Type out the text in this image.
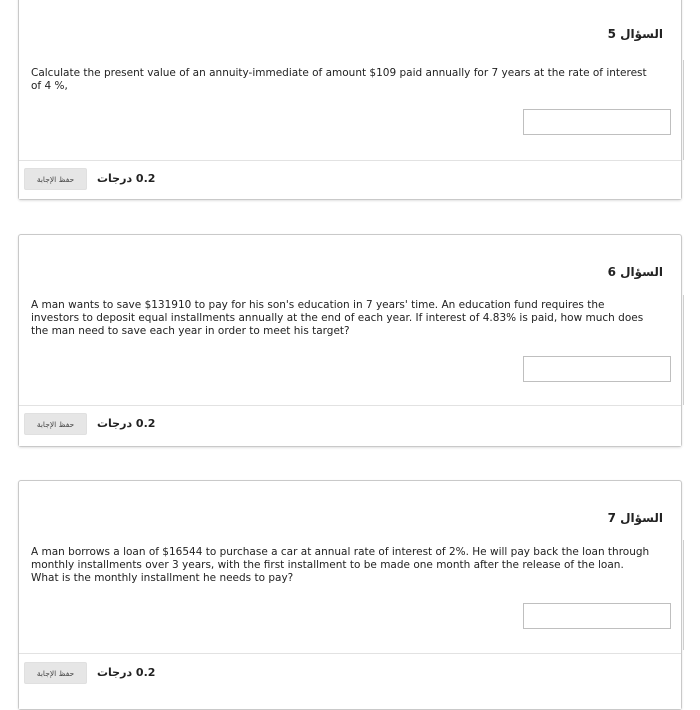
السؤال 5
Calculate the present value of an annuity-immediate of amount $109 paid annually for 7 years at the rate of interest of 4 %,
حفظ الإجابة	0.2 درجات
السؤال 6
A man wants to save $131910 to pay for his son's education in 7 years' time. An education fund requires the investors to deposit equal installments annually at the end of each year. If interest of 4.83% is paid, how much does the man need to save each year in order to meet his target?
حفظ الإجابة	0.2 درجات
السؤال 7
A man borrows a loan of $16544 to purchase a car at annual rate of interest of 2%. He will pay back the loan through monthly installments over 3 years, with the first installment to be made one month after the release of the loan. What is the monthly installment he needs to pay?
حفظ الإجابة	0.2 درجات
